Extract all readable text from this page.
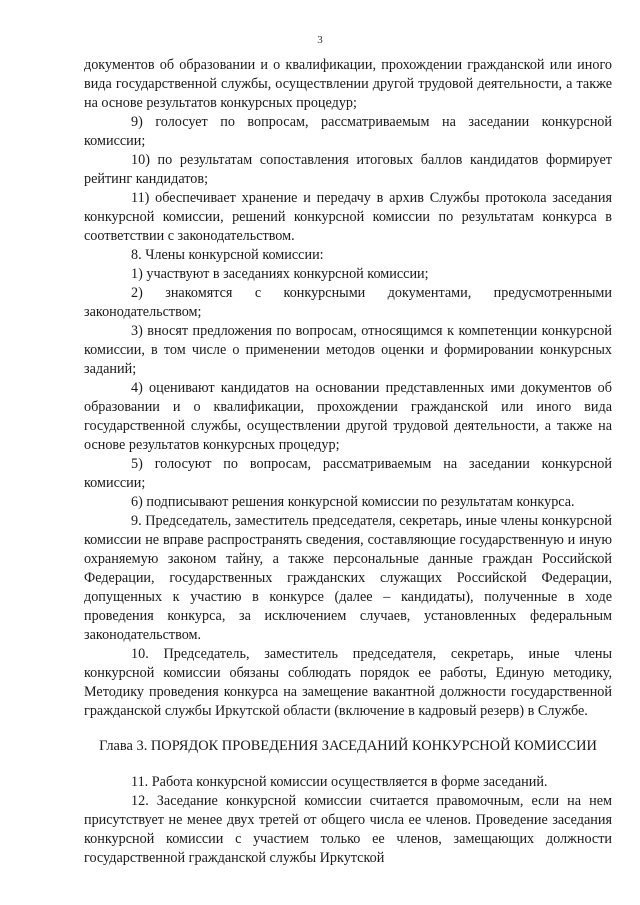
3

документов об образовании и о квалификации, прохождении гражданской или иного вида государственной службы, осуществлении другой трудовой деятельности, а также на основе результатов конкурсных процедур;

9) голосует по вопросам, рассматриваемым на заседании конкурсной комиссии;

10) по результатам сопоставления итоговых баллов кандидатов формирует рейтинг кандидатов;

11) обеспечивает хранение и передачу в архив Службы протокола заседания конкурсной комиссии, решений конкурсной комиссии по результатам конкурса в соответствии с законодательством.

8. Члены конкурсной комиссии:

1) участвуют в заседаниях конкурсной комиссии;

2) знакомятся с конкурсными документами, предусмотренными законодательством;

3) вносят предложения по вопросам, относящимся к компетенции конкурсной комиссии, в том числе о применении методов оценки и формировании конкурсных заданий;

4) оценивают кандидатов на основании представленных ими документов об образовании и о квалификации, прохождении гражданской или иного вида государственной службы, осуществлении другой трудовой деятельности, а также на основе результатов конкурсных процедур;

5) голосуют по вопросам, рассматриваемым на заседании конкурсной комиссии;

6) подписывают решения конкурсной комиссии по результатам конкурса.

9. Председатель, заместитель председателя, секретарь, иные члены конкурсной комиссии не вправе распространять сведения, составляющие государственную и иную охраняемую законом тайну, а также персональные данные граждан Российской Федерации, государственных гражданских служащих Российской Федерации, допущенных к участию в конкурсе (далее – кандидаты), полученные в ходе проведения конкурса, за исключением случаев, установленных федеральным законодательством.

10. Председатель, заместитель председателя, секретарь, иные члены конкурсной комиссии обязаны соблюдать порядок ее работы, Единую методику, Методику проведения конкурса на замещение вакантной должности государственной гражданской службы Иркутской области (включение в кадровый резерв) в Службе.

Глава 3. ПОРЯДОК ПРОВЕДЕНИЯ ЗАСЕДАНИЙ КОНКУРСНОЙ КОМИССИИ

11. Работа конкурсной комиссии осуществляется в форме заседаний.

12. Заседание конкурсной комиссии считается правомочным, если на нем присутствует не менее двух третей от общего числа ее членов. Проведение заседания конкурсной комиссии с участием только ее членов, замещающих должности государственной гражданской службы Иркутской
